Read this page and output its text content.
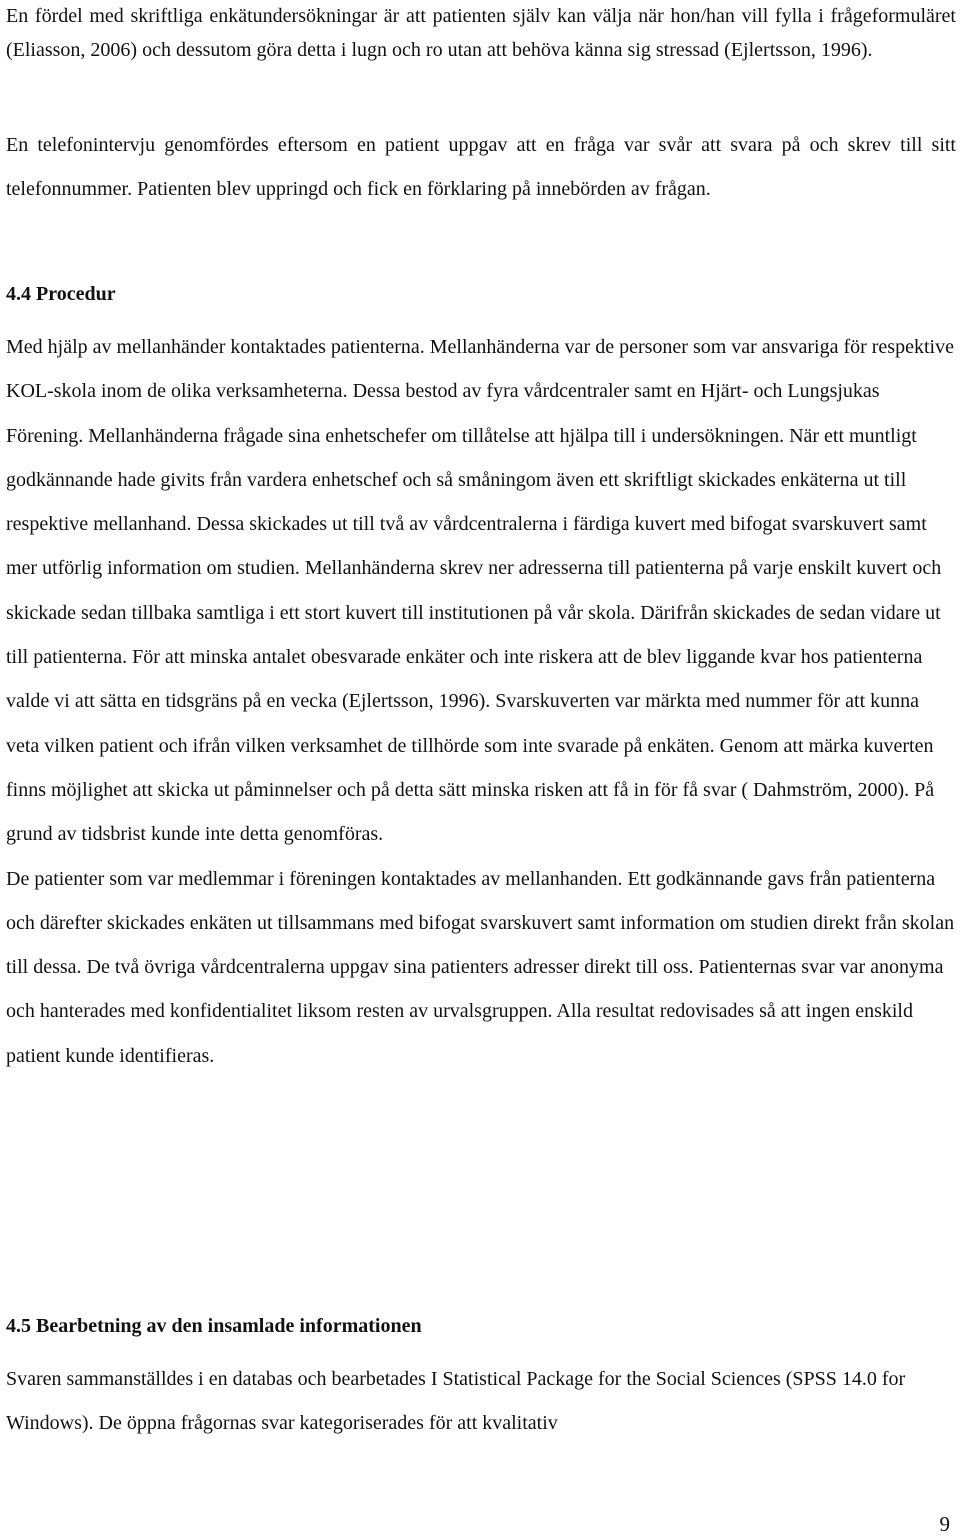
En fördel med skriftliga enkätundersökningar är att patienten själv kan välja när hon/han vill fylla i frågeformuläret (Eliasson, 2006) och dessutom göra detta i lugn och ro utan att behöva känna sig stressad (Ejlertsson, 1996).

En telefonintervju genomfördes eftersom en patient uppgav att en fråga var svår att svara på och skrev till sitt telefonnummer. Patienten blev uppringd och fick en förklaring på innebörden av frågan.

4.4 Procedur
Med hjälp av mellanhänder kontaktades patienterna. Mellanhänderna var de personer som var ansvariga för respektive KOL-skola inom de olika verksamheterna. Dessa bestod av fyra vårdcentraler samt en Hjärt- och Lungsjukas Förening. Mellanhänderna frågade sina enhetschefer om tillåtelse att hjälpa till i undersökningen. När ett muntligt godkännande hade givits från vardera enhetschef och så småningom även ett skriftligt skickades enkäterna ut till respektive mellanhand. Dessa skickades ut till två av vårdcentralerna i färdiga kuvert med bifogat svarskuvert samt mer utförlig information om studien. Mellanhänderna skrev ner adresserna till patienterna på varje enskilt kuvert och skickade sedan tillbaka samtliga i ett stort kuvert till institutionen på vår skola. Därifrån skickades de sedan vidare ut till patienterna. För att minska antalet obesvarade enkäter och inte riskera att de blev liggande kvar hos patienterna valde vi att sätta en tidsgräns på en vecka (Ejlertsson, 1996). Svarskuverten var märkta med nummer för att kunna veta vilken patient och ifrån vilken verksamhet de tillhörde som inte svarade på enkäten. Genom att märka kuverten finns möjlighet att skicka ut påminnelser och på detta sätt minska risken att få in för få svar ( Dahmström, 2000). På grund av tidsbrist kunde inte detta genomföras.
De patienter som var medlemmar i föreningen kontaktades av mellanhanden. Ett godkännande gavs från patienterna och därefter skickades enkäten ut tillsammans med bifogat svarskuvert samt information om studien direkt från skolan till dessa. De två övriga vårdcentralerna uppgav sina patienters adresser direkt till oss. Patienternas svar var anonyma och hanterades med konfidentialitet liksom resten av urvalsgruppen. Alla resultat redovisades så att ingen enskild patient kunde identifieras.
4.5 Bearbetning av den insamlade informationen

Svaren sammanställdes i en databas och bearbetades I Statistical Package for the Social Sciences (SPSS 14.0 for Windows). De öppna frågornas svar kategoriserades för att kvalitativ

9
